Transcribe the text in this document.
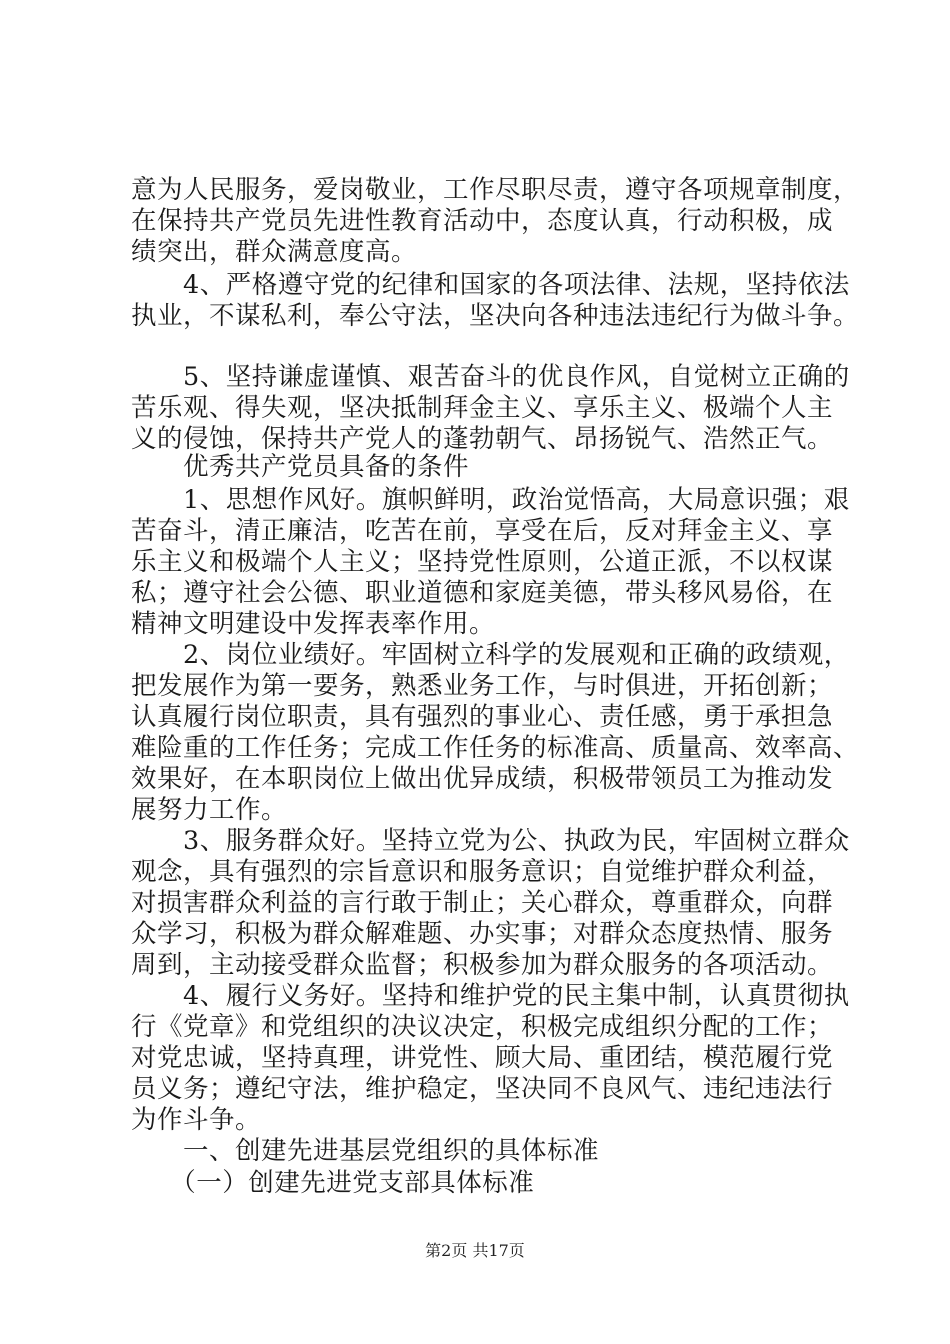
意为人民服务，爱岗敬业，工作尽职尽责，遵守各项规章制度，
在保持共产党员先进性教育活动中，态度认真，行动积极，成
绩突出，群众满意度高。
　　4、严格遵守党的纪律和国家的各项法律、法规，坚持依法
执业，不谋私利，奉公守法，坚决向各种违法违纪行为做斗争。
　　5、坚持谦虚谨慎、艰苦奋斗的优良作风，自觉树立正确的
苦乐观、得失观，坚决抵制拜金主义、享乐主义、极端个人主
义的侵蚀，保持共产党人的蓬勃朝气、昂扬锐气、浩然正气。
　　优秀共产党员具备的条件
　　1、思想作风好。旗帜鲜明，政治觉悟高，大局意识强；艰
苦奋斗，清正廉洁，吃苦在前，享受在后，反对拜金主义、享
乐主义和极端个人主义；坚持党性原则，公道正派，不以权谋
私；遵守社会公德、职业道德和家庭美德，带头移风易俗，在
精神文明建设中发挥表率作用。
　　2、岗位业绩好。牢固树立科学的发展观和正确的政绩观，
把发展作为第一要务，熟悉业务工作，与时俱进，开拓创新；
认真履行岗位职责，具有强烈的事业心、责任感，勇于承担急
难险重的工作任务；完成工作任务的标准高、质量高、效率高、
效果好，在本职岗位上做出优异成绩，积极带领员工为推动发
展努力工作。
　　3、服务群众好。坚持立党为公、执政为民，牢固树立群众
观念，具有强烈的宗旨意识和服务意识；自觉维护群众利益，
对损害群众利益的言行敢于制止；关心群众，尊重群众，向群
众学习，积极为群众解难题、办实事；对群众态度热情、服务
周到，主动接受群众监督；积极参加为群众服务的各项活动。
　　4、履行义务好。坚持和维护党的民主集中制，认真贯彻执
行《党章》和党组织的决议决定，积极完成组织分配的工作；
对党忠诚，坚持真理，讲党性、顾大局、重团结，模范履行党
员义务；遵纪守法，维护稳定，坚决同不良风气、违纪违法行
为作斗争。
　　一、创建先进基层党组织的具体标准
　　（一）创建先进党支部具体标准
第2页 共17页
